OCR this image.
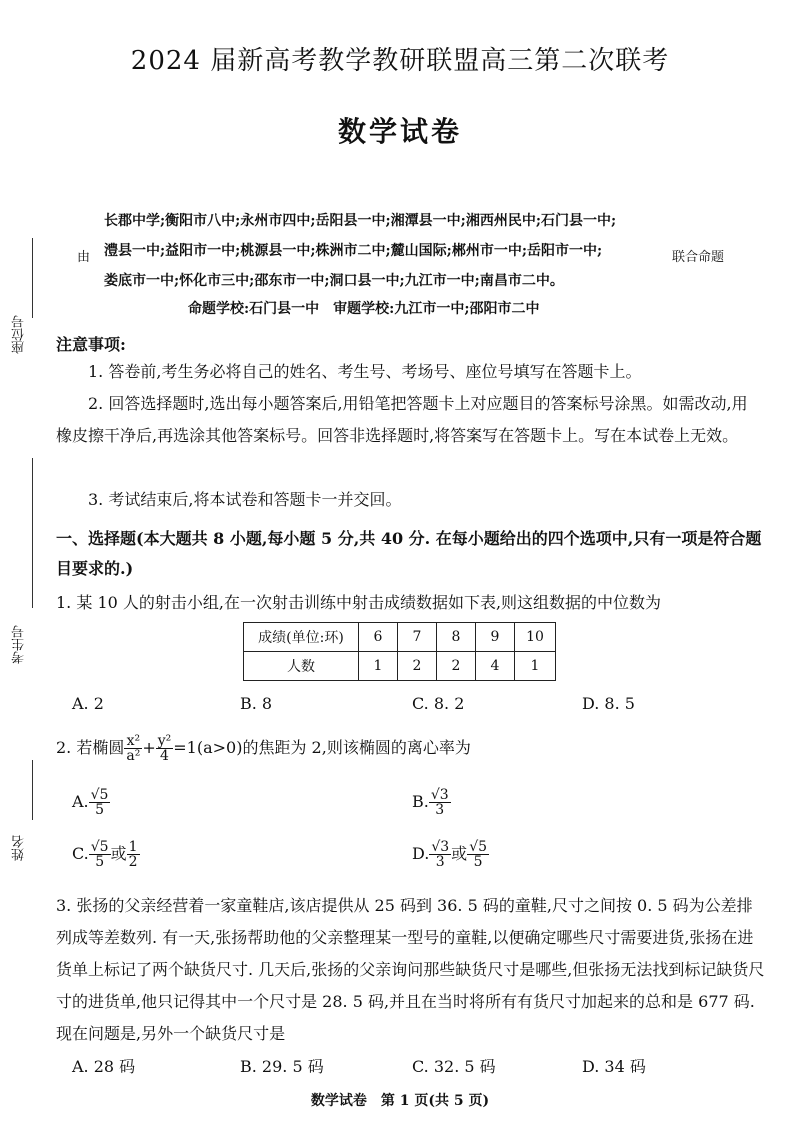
2024 届新高考教学教研联盟高三第二次联考
数学试卷
长郡中学;衡阳市八中;永州市四中;岳阳县一中;湘潭县一中;湘西州民中;石门县一中;
澧县一中;益阳市一中;桃源县一中;株洲市二中;麓山国际;郴州市一中;岳阳市一中;
娄底市一中;怀化市三中;邵东市一中;洞口县一中;九江市一中;南昌市二中。
由	联合命题
命题学校:石门县一中　审题学校:九江市一中;邵阳市二中
座位号
考生号
姓名
注意事项:
1. 答卷前,考生务必将自己的姓名、考生号、考场号、座位号填写在答题卡上。
2. 回答选择题时,选出每小题答案后,用铅笔把答题卡上对应题目的答案标号涂黑。如需改动,用橡皮擦干净后,再选涂其他答案标号。回答非选择题时,将答案写在答题卡上。写在本试卷上无效。
3. 考试结束后,将本试卷和答题卡一并交回。
一、选择题(本大题共 8 小题,每小题 5 分,共 40 分. 在每小题给出的四个选项中,只有一项是符合题目要求的.)
1. 某 10 人的射击小组,在一次射击训练中射击成绩数据如下表,则这组数据的中位数为
成绩(单位:环)	6	7	8	9	10
人数	1	2	2	4	1
A. 2	B. 8	C. 8. 2	D. 8. 5
2. 若椭圆 $\frac{\text{x²}}{\text{a²}} + \frac{\text{y²}}{4} =1(a>0)$的焦距为 2,则该椭圆的离心率为
A. $\frac{√5}{5}$	B. $\frac{√3}{3}$
C. $\frac{√5}{5}$ 或 $\frac{1}{2}$	D. $\frac{√3}{3}$ 或 $\frac{√5}{5}$
3. 张扬的父亲经营着一家童鞋店,该店提供从 25 码到 36. 5 码的童鞋,尺寸之间按 0. 5 码为公差排列成等差数列. 有一天,张扬帮助他的父亲整理某一型号的童鞋,以便确定哪些尺寸需要进货,张扬在进货单上标记了两个缺货尺寸. 几天后,张扬的父亲询问那些缺货尺寸是哪些,但张扬无法找到标记缺货尺寸的进货单,他只记得其中一个尺寸是 28. 5 码,并且在当时将所有有货尺寸加起来的总和是 677 码. 现在问题是,另外一个缺货尺寸是
A. 28 码	B. 29. 5 码	C. 32. 5 码	D. 34 码
数学试卷　第 1 页(共 5 页)
